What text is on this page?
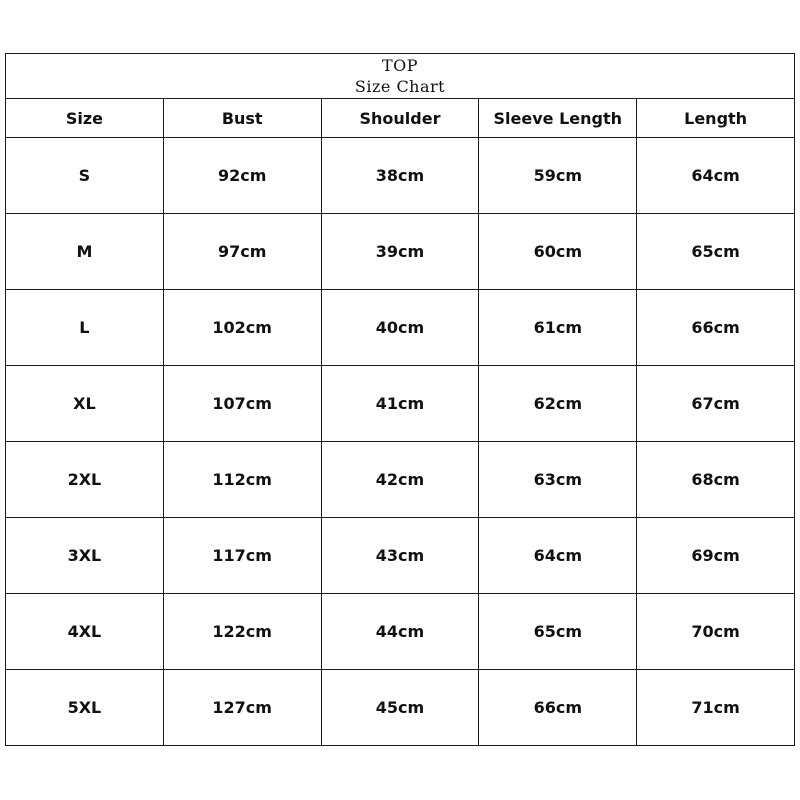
TOP
Size Chart				

Size	Bust	Shoulder	Sleeve Length	Length
S	92cm	38cm	59cm	64cm
M	97cm	39cm	60cm	65cm
L	102cm	40cm	61cm	66cm
XL	107cm	41cm	62cm	67cm
2XL	112cm	42cm	63cm	68cm
3XL	117cm	43cm	64cm	69cm
4XL	122cm	44cm	65cm	70cm
5XL	127cm	45cm	66cm	71cm
